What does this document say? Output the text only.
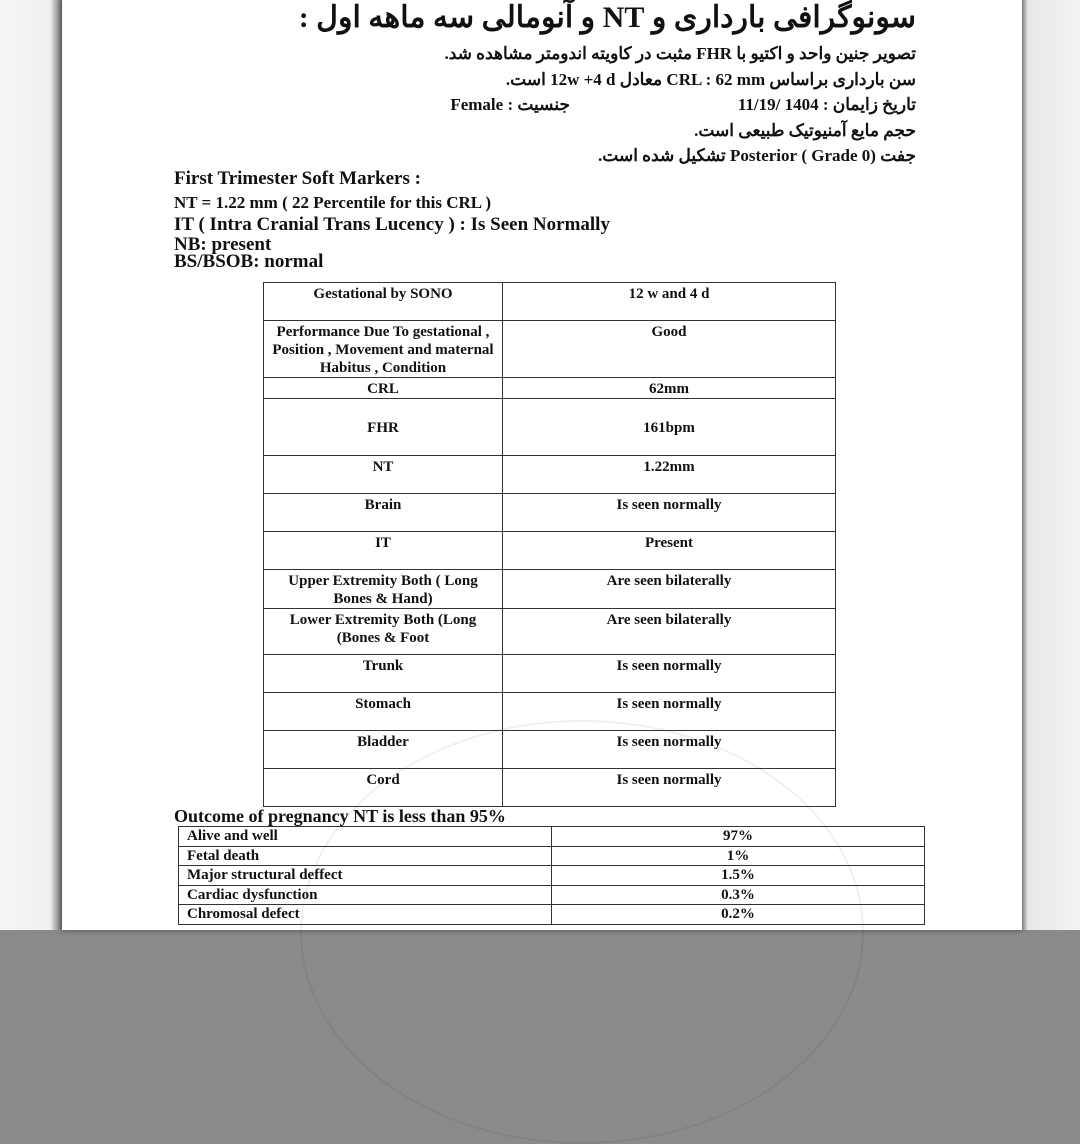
سونوگرافی بارداری و NT و آنومالی سه ماهه اول :
تصویر جنین واحد و اکتیو با FHR مثبت در کاویته اندومتر مشاهده شد.
سن بارداری براساس CRL : 62 mm معادل 12w +4 d است.
تاریخ زایمان : 1404 /11/19
جنسیت : Female
حجم مایع آمنیوتیک طبیعی است.
جفت (Grade 0 ) Posterior تشکیل شده است.
First Trimester Soft Markers :
NT = 1.22 mm ( 22 Percentile for this CRL )
IT ( Intra Cranial Trans Lucency ) : Is Seen Normally
NB: present
BS/BSOB: normal
Gestational by SONO	12 w and 4 d
Performance Due To gestational , Position , Movement and maternal Habitus , Condition	Good
CRL	62mm
FHR	161bpm
NT	1.22mm
Brain	Is seen normally
IT	Present
Upper Extremity Both ( Long Bones & Hand)	Are seen bilaterally
Lower Extremity Both (Long (Bones & Foot	Are seen bilaterally
Trunk	Is seen normally
Stomach	Is seen normally
Bladder	Is seen normally
Cord	Is seen normally
Outcome of pregnancy NT is less than 95%
Alive and well	97%
Fetal death	1%
Major structural deffect	1.5%
Cardiac dysfunction	0.3%
Chromosal defect	0.2%
